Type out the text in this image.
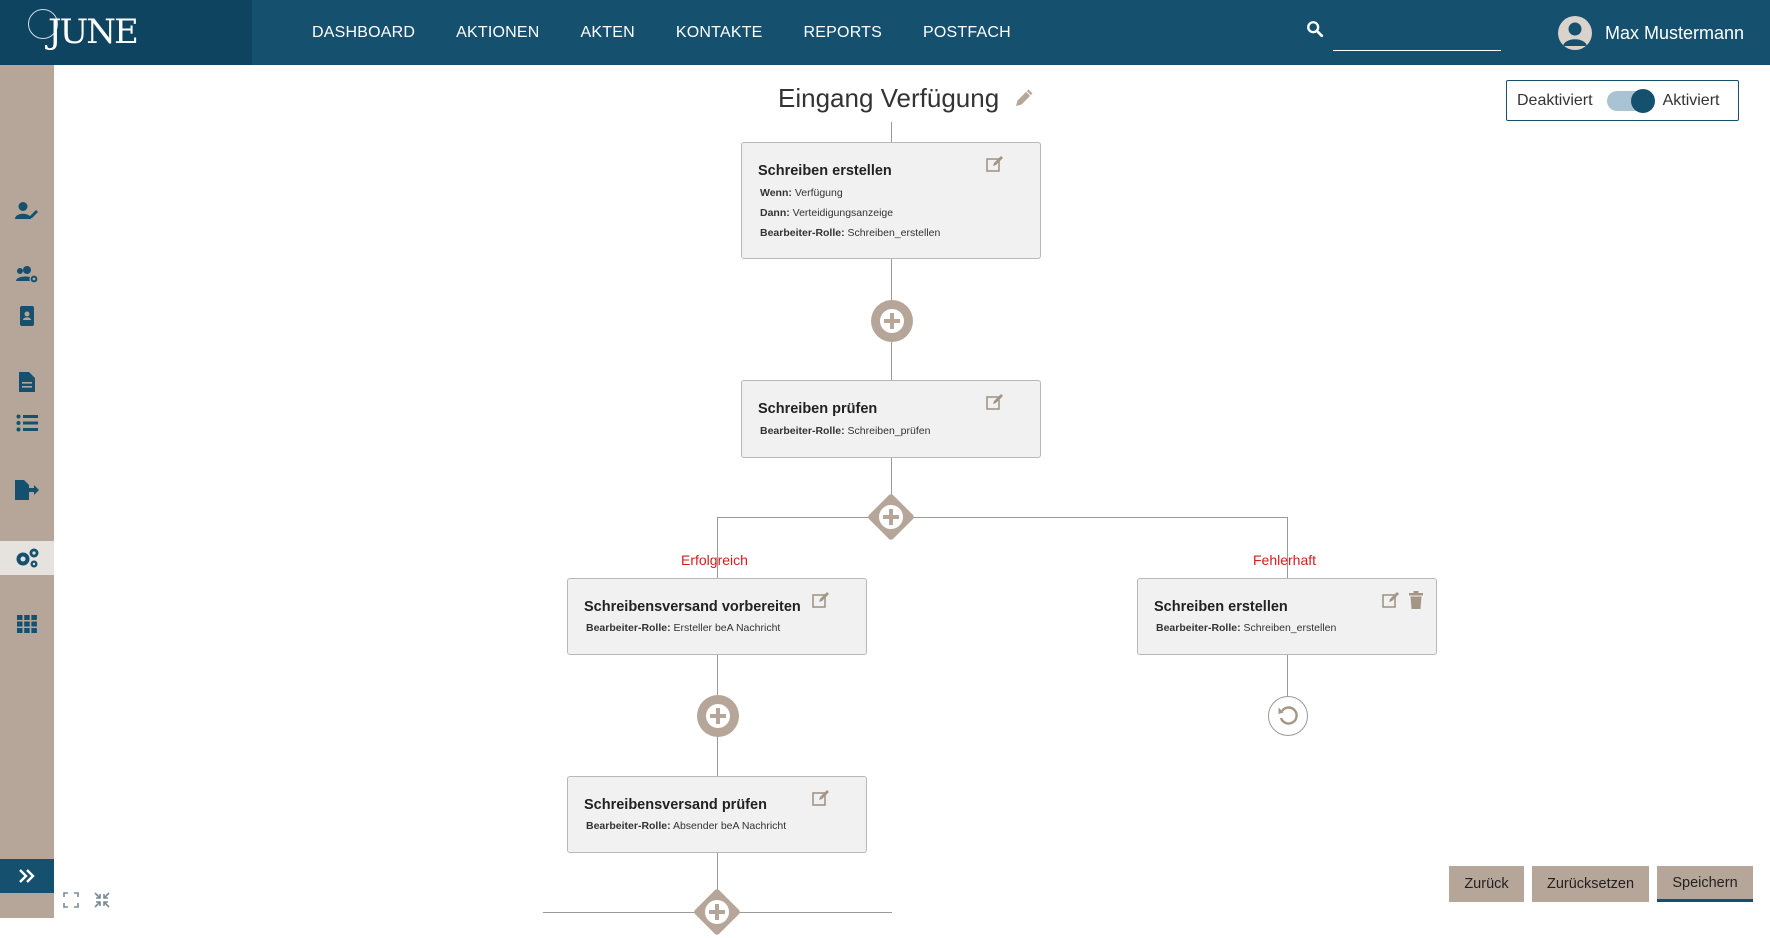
JUNE	DASHBOARD	AKTIONEN	AKTEN	KONTAKTE	REPORTS	POSTFACH	Max Mustermann
Eingang Verfügung	Deaktiviert	Aktiviert
Schreiben erstellen
Wenn: Verfügung
Dann: Verteidigungsanzeige
Bearbeiter-Rolle: Schreiben_erstellen
Schreiben prüfen
Bearbeiter-Rolle: Schreiben_prüfen
Erfolgreich	Fehlerhaft
Schreibensversand vorbereiten
Bearbeiter-Rolle: Ersteller beA Nachricht
Schreiben erstellen
Bearbeiter-Rolle: Schreiben_erstellen
Schreibensversand prüfen
Bearbeiter-Rolle: Absender beA Nachricht
Zurück	Zurücksetzen	Speichern
